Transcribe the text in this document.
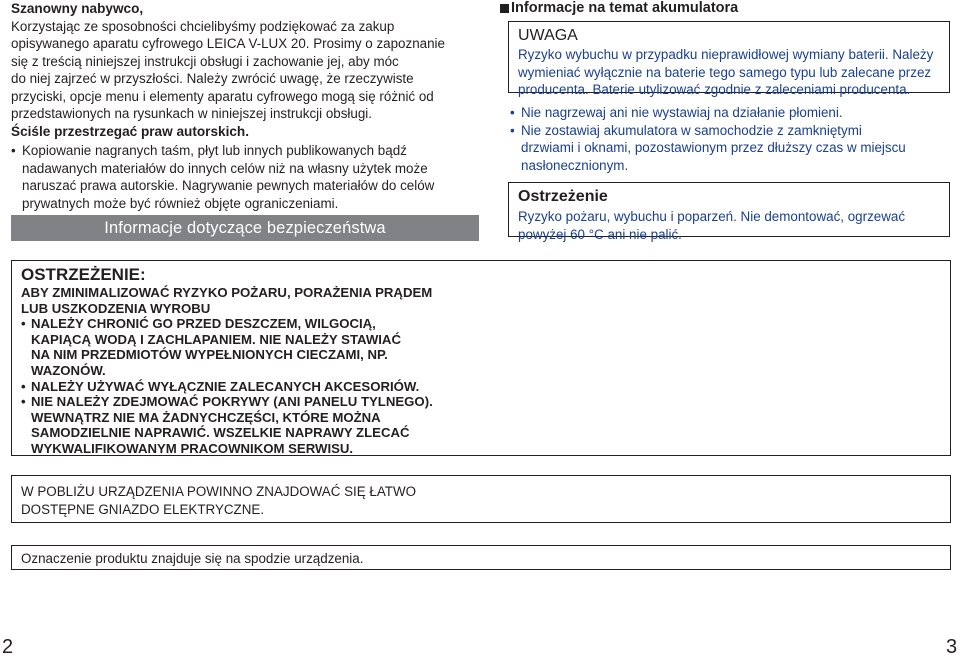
Szanowny nabywco,

Korzystając ze sposobności chcielibyśmy podziękować za zakup

opisywanego aparatu cyfrowego LEICA V-LUX 20. Prosimy o zapoznanie

się z treścią niniejszej instrukcji obsługi i zachowanie jej, aby móc

do niej zajrzeć w przyszłości. Należy zwrócić uwagę, że rzeczywiste

przyciski, opcje menu i elementy aparatu cyfrowego mogą się różnić od

przedstawionych na rysunkach w niniejszej instrukcji obsługi.

Ściśle przestrzegać praw autorskich.

• Kopiowanie nagranych taśm, płyt lub innych publikowanych bądź

nadawanych materiałów do innych celów niż na własny użytek może

naruszać prawa autorskie. Nagrywanie pewnych materiałów do celów

prywatnych może być również objęte ograniczeniami.

Informacje dotyczące bezpieczeństwa
Informacje na temat akumulatora

UWAGA

Ryzyko wybuchu w przypadku nieprawidłowej wymiany baterii. Należy

wymieniać wyłącznie na baterie tego samego typu lub zalecane przez

producenta. Baterie utylizować zgodnie z zaleceniami producenta.

• Nie nagrzewaj ani nie wystawiaj na działanie płomieni.

• Nie zostawiaj akumulatora w samochodzie z zamkniętymi

drzwiami i oknami, pozostawionym przez dłuższy czas w miejscu

nasłonecznionym.

Ostrzeżenie

Ryzyko pożaru, wybuchu i poparzeń. Nie demontować, ogrzewać

powyżej 60 °C ani nie palić.

OSTRZEŻENIE:

ABY ZMINIMALIZOWAĆ RYZYKO POŻARU, PORAŻENIA PRĄDEM

LUB USZKODZENIA WYROBU

• NALEŻY CHRONIĆ GO PRZED DESZCZEM, WILGOCIĄ,

KAPIĄCĄ WODĄ I ZACHLAPANIEM. NIE NALEŻY STAWIAĆ

NA NIM PRZEDMIOTÓW WYPEŁNIONYCH CIECZAMI, NP.

WAZONÓW.

• NALEŻY UŻYWAĆ WYŁĄCZNIE ZALECANYCH AKCESORIÓW.

• NIE NALEŻY ZDEJMOWAĆ POKRYWY (ANI PANELU TYLNEGO).

WEWNĄTRZ NIE MA ŻADNYCHCZĘŚCI, KTÓRE MOŻNA

SAMODZIELNIE NAPRAWIĆ. WSZELKIE NAPRAWY ZLECAĆ

WYKWALIFIKOWANYM PRACOWNIKOM SERWISU.

W POBLIŻU URZĄDZENIA POWINNO ZNAJDOWAĆ SIĘ ŁATWO

DOSTĘPNE GNIAZDO ELEKTRYCZNE.

Oznaczenie produktu znajduje się na spodzie urządzenia.

2	3
